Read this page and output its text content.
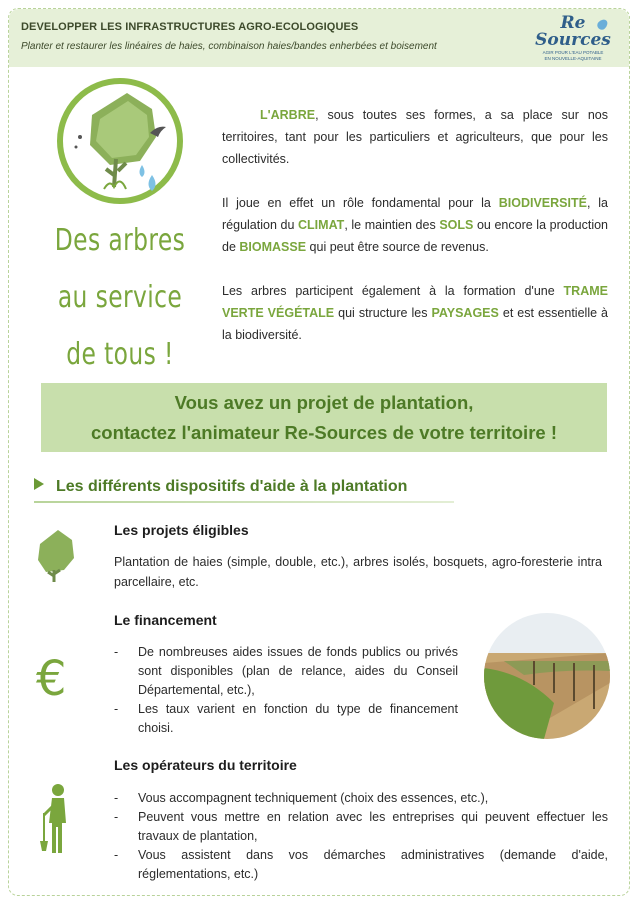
DEVELOPPER LES INFRASTRUCTURES AGRO-ECOLOGIQUES
Planter et restaurer les linéaires de haies, combinaison haies/bandes enherbées et boisement
Re
Sources
AGIR POUR L'EAU POTABLE
EN NOUVELLE-AQUITAINE
Des arbres
au service
de tous !

L'ARBRE, sous toutes ses formes, a sa place sur nos territoires, tant pour les particuliers et agriculteurs, que pour les collectivités.

Il joue en effet un rôle fondamental pour la BIODIVERSITÉ, la régulation du CLIMAT, le maintien des SOLS ou encore la production de BIOMASSE qui peut être source de revenus.

Les arbres participent également à la formation d'une TRAME VERTE VÉGÉTALE qui structure les PAYSAGES et est essentielle à la biodiversité.

Vous avez un projet de plantation,
contactez l'animateur Re-Sources de votre territoire !
Les différents dispositifs d'aide à la plantation
Les projets éligibles
Plantation de haies (simple, double, etc.), arbres isolés, bosquets, agro-foresterie intra parcellaire, etc.
€
Le financement
- De nombreuses aides issues de fonds publics ou privés sont disponibles (plan de relance, aides du Conseil Départemental, etc.),
- Les taux varient en fonction du type de financement choisi.
Les opérateurs du territoire
- Vous accompagnent techniquement (choix des essences, etc.),
- Peuvent vous mettre en relation avec les entreprises qui peuvent effectuer les travaux de plantation,
- Vous assistent dans vos démarches administratives (demande d'aide, réglementations, etc.)
